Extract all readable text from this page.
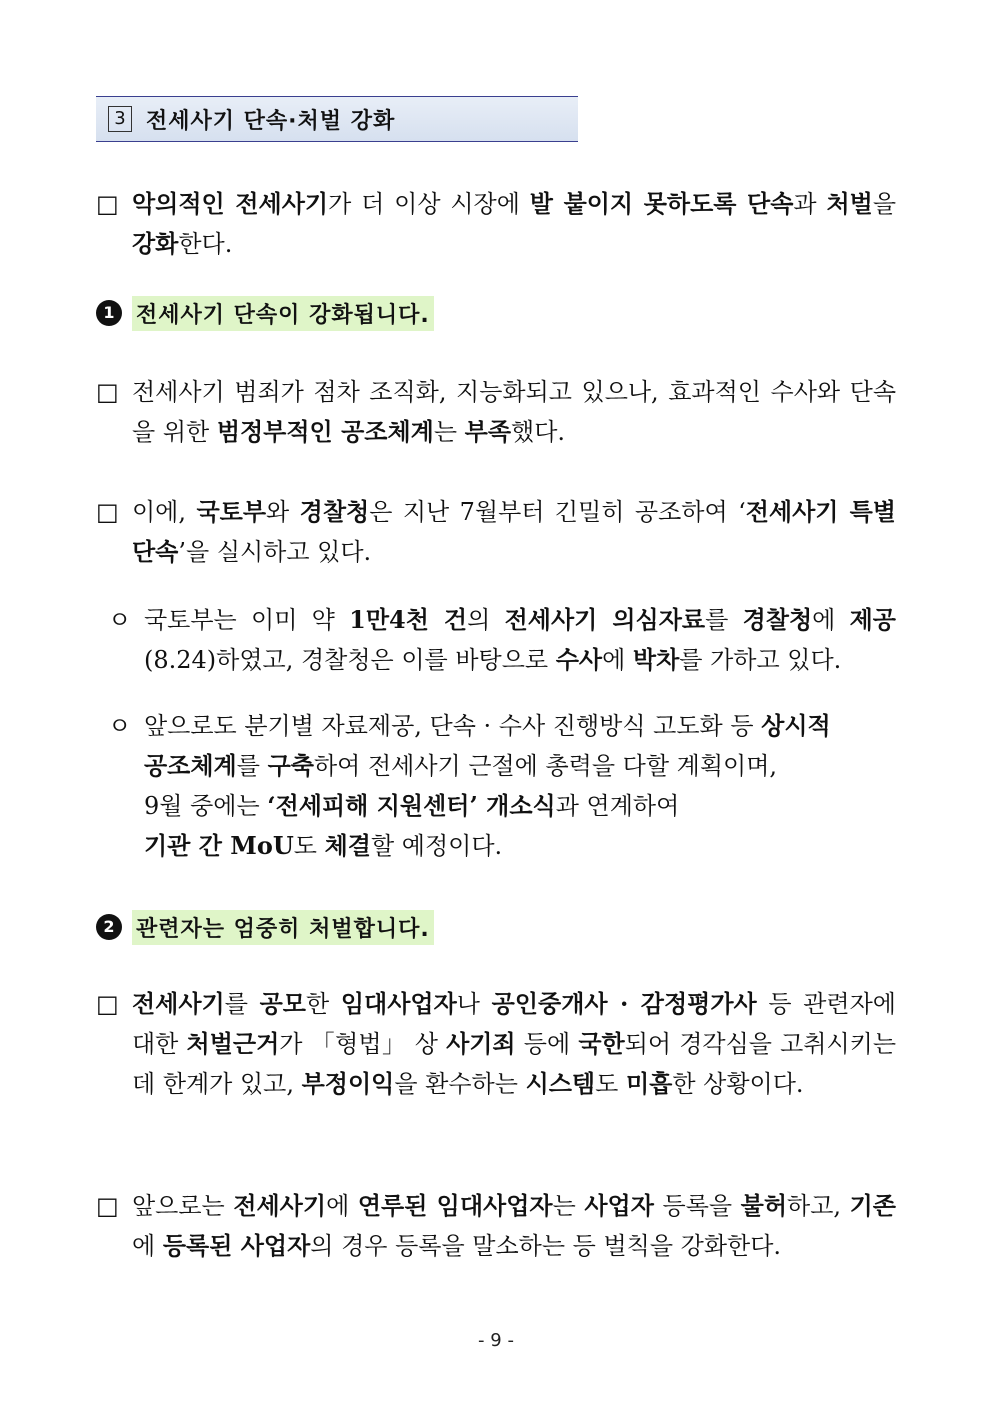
3 전세사기 단속·처벌 강화
□ 악의적인 전세사기가 더 이상 시장에 발 붙이지 못하도록 단속과 처벌을 강화한다.
1 전세사기 단속이 강화됩니다.
□ 전세사기 범죄가 점차 조직화, 지능화되고 있으나, 효과적인 수사와 단속을 위한 범정부적인 공조체계는 부족했다.
□ 이에, 국토부와 경찰청은 지난 7월부터 긴밀히 공조하여 ‘전세사기 특별단속’을 실시하고 있다.
ㅇ 국토부는 이미 약 1만4천 건의 전세사기 의심자료를 경찰청에 제공 (8.24)하였고, 경찰청은 이를 바탕으로 수사에 박차를 가하고 있다.
ㅇ 앞으로도 분기별 자료제공, 단속 · 수사 진행방식 고도화 등 상시적
공조체계를 구축하여 전세사기 근절에 총력을 다할 계획이며,
9월 중에는 ‘전세피해 지원센터’ 개소식과 연계하여
기관 간 MoU도 체결할 예정이다.
2 관련자는 엄중히 처벌합니다.
□ 전세사기를 공모한 임대사업자나 공인중개사 · 감정평가사 등 관련자에 대한 처벌근거가 「형법」 상 사기죄 등에 국한되어 경각심을 고취시키는데 한계가 있고, 부정이익을 환수하는 시스템도 미흡한 상황이다.
□ 앞으로는 전세사기에 연루된 임대사업자는 사업자 등록을 불허하고, 기존에 등록된 사업자의 경우 등록을 말소하는 등 벌칙을 강화한다.
- 9 -
